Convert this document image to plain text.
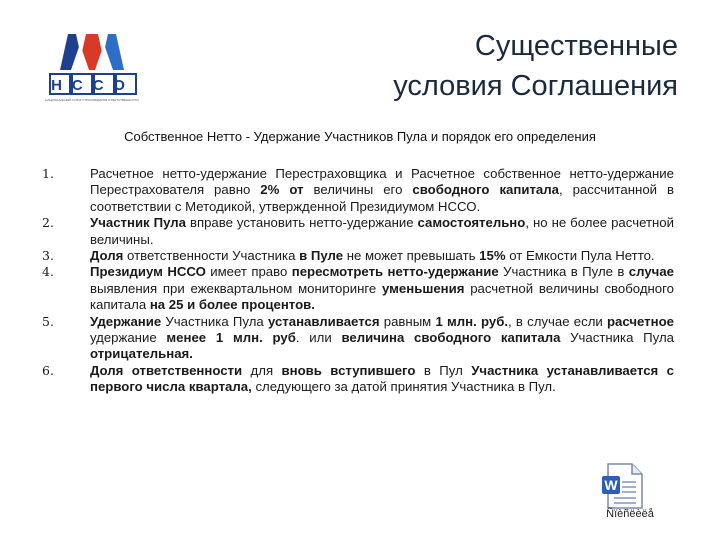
НССО
НАЦИОНАЛЬНЫЙ СОЮЗ СТРАХОВЩИКОВ ОТВЕТСТВЕННОСТИ
Существенные
условия Соглашения
Собственное Нетто - Удержание Участников Пула и порядок его определения
1.	Расчетное нетто-удержание Перестраховщика и Расчетное собственное нетто-удержание Перестрахователя равно 2% от величины его свободного капитала, рассчитанной в соответствии с Методикой, утвержденной Президиумом НССО.
2.	Участник Пула вправе установить нетто-удержание самостоятельно, но не более расчетной величины.
3.	Доля ответственности Участника в Пуле не может превышать 15% от Емкости Пула Нетто.
4.	Президиум НССО имеет право пересмотреть нетто-удержание Участника в Пуле в случае выявления при ежеквартальном мониторинге уменьшения расчетной величины свободного капитала на 25 и более процентов.
5.	Удержание Участника Пула устанавливается равным 1 млн. руб., в случае если расчетное удержание менее 1 млн. руб. или величина свободного капитала Участника Пула отрицательная.
6.	Доля ответственности для вновь вступившего в Пул Участника устанавливается с первого числа квартала, следующего за датой принятия Участника в Пул.
W
Ñïèñëèëå
